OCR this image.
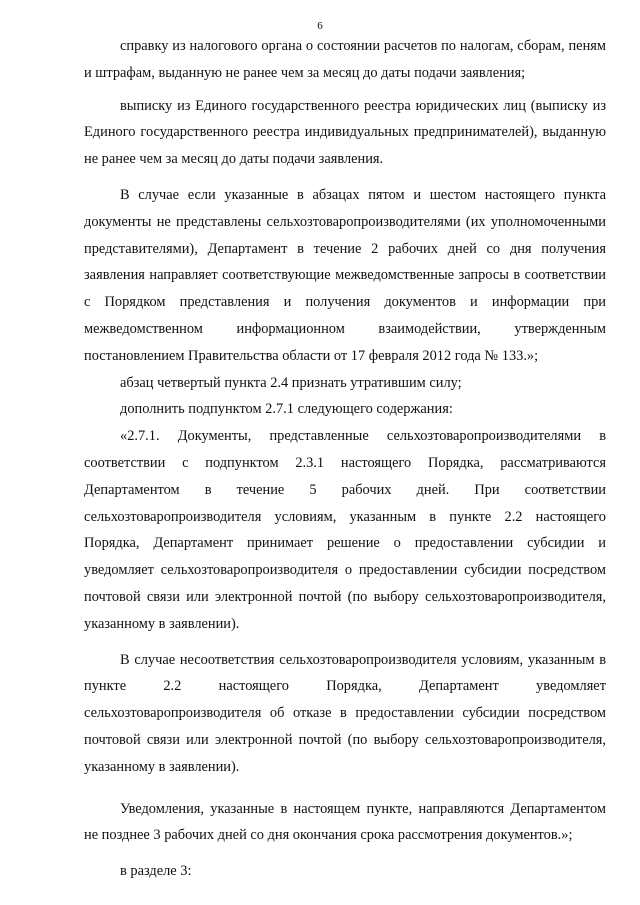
6

справку из налогового органа о состоянии расчетов по налогам, сборам, пеням и штрафам, выданную не ранее чем за месяц до даты подачи заявления;

выписку из Единого государственного реестра юридических лиц (выписку из Единого государственного реестра индивидуальных предпринимателей), выданную не ранее чем за месяц до даты подачи заявления.

В случае если указанные в абзацах пятом и шестом настоящего пункта документы не представлены сельхозтоваропроизводителями (их уполномоченными представителями), Департамент в течение 2 рабочих дней со дня получения заявления направляет соответствующие межведомственные запросы в соответствии с Порядком представления и получения документов и информации при межведомственном информационном взаимодействии, утвержденным постановлением Правительства области от 17 февраля 2012 года № 133.»;

абзац четвертый пункта 2.4 признать утратившим силу;

дополнить подпунктом 2.7.1 следующего содержания:

«2.7.1. Документы, представленные сельхозтоваропроизводителями в соответствии с подпунктом 2.3.1 настоящего Порядка, рассматриваются Департаментом в течение 5 рабочих дней. При соответствии сельхозтоваропроизводителя условиям, указанным в пункте 2.2 настоящего Порядка, Департамент принимает решение о предоставлении субсидии и уведомляет сельхозтоваропроизводителя о предоставлении субсидии посредством почтовой связи или электронной почтой (по выбору сельхозтоваропроизводителя, указанному в заявлении).

В случае несоответствия сельхозтоваропроизводителя условиям, указанным в пункте 2.2 настоящего Порядка, Департамент уведомляет сельхозтоваропроизводителя об отказе в предоставлении субсидии посредством почтовой связи или электронной почтой (по выбору сельхозтоваропроизводителя, указанному в заявлении).

Уведомления, указанные в настоящем пункте, направляются Департаментом не позднее 3 рабочих дней со дня окончания срока рассмотрения документов.»;

в разделе 3:
